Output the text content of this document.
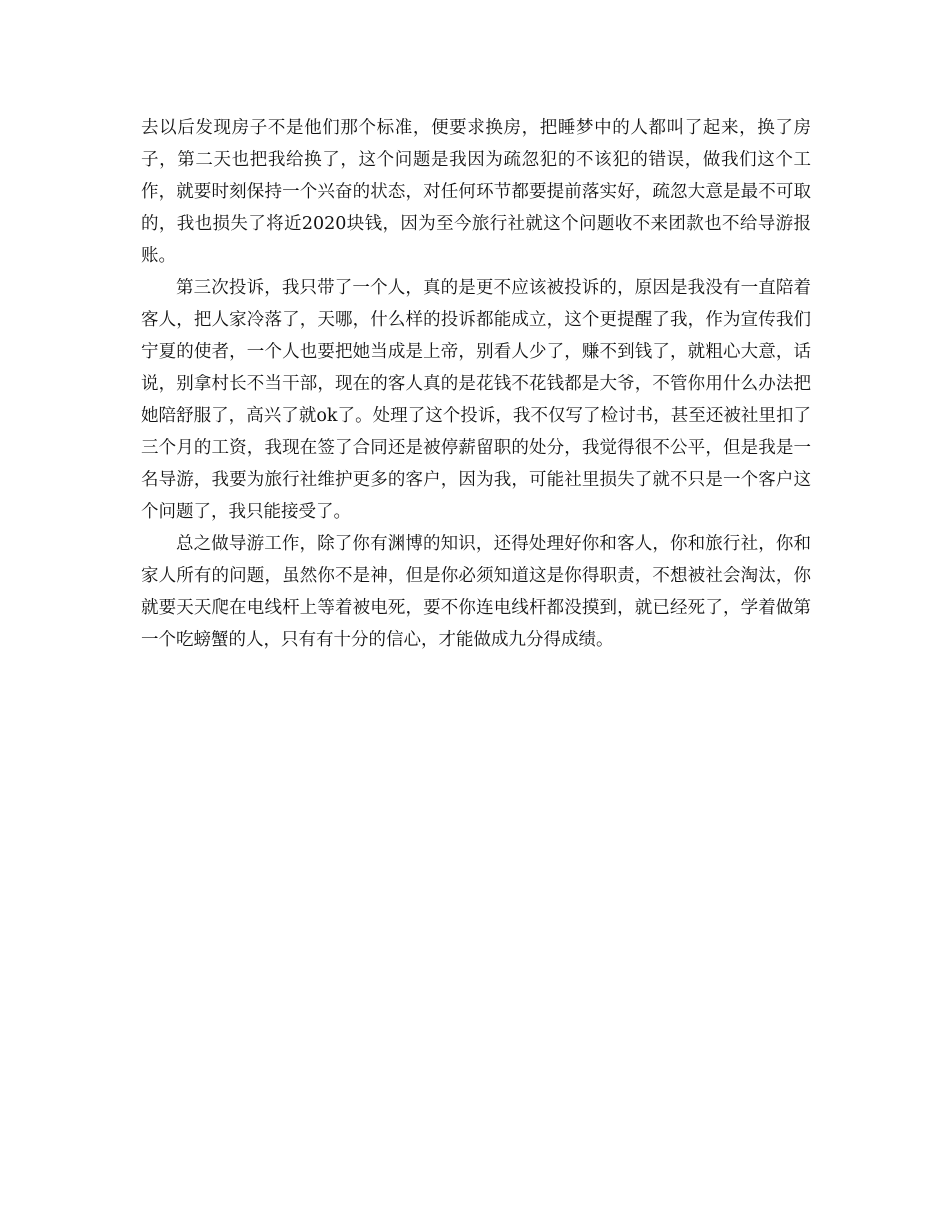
去以后发现房子不是他们那个标准，便要求换房，把睡梦中的人都叫了起来，换了房子，第二天也把我给换了，这个问题是我因为疏忽犯的不该犯的错误，做我们这个工作，就要时刻保持一个兴奋的状态，对任何环节都要提前落实好，疏忽大意是最不可取的，我也损失了将近2020块钱，因为至今旅行社就这个问题收不来团款也不给导游报账。

第三次投诉，我只带了一个人，真的是更不应该被投诉的，原因是我没有一直陪着客人，把人家冷落了，天哪，什么样的投诉都能成立，这个更提醒了我，作为宣传我们宁夏的使者，一个人也要把她当成是上帝，别看人少了，赚不到钱了，就粗心大意，话说，别拿村长不当干部，现在的客人真的是花钱不花钱都是大爷，不管你用什么办法把她陪舒服了，高兴了就ok了。处理了这个投诉，我不仅写了检讨书，甚至还被社里扣了三个月的工资，我现在签了合同还是被停薪留职的处分，我觉得很不公平，但是我是一名导游，我要为旅行社维护更多的客户，因为我，可能社里损失了就不只是一个客户这个问题了，我只能接受了。

总之做导游工作，除了你有渊博的知识，还得处理好你和客人，你和旅行社，你和家人所有的问题，虽然你不是神，但是你必须知道这是你得职责，不想被社会淘汰，你就要天天爬在电线杆上等着被电死，要不你连电线杆都没摸到，就已经死了，学着做第一个吃螃蟹的人，只有有十分的信心，才能做成九分得成绩。
